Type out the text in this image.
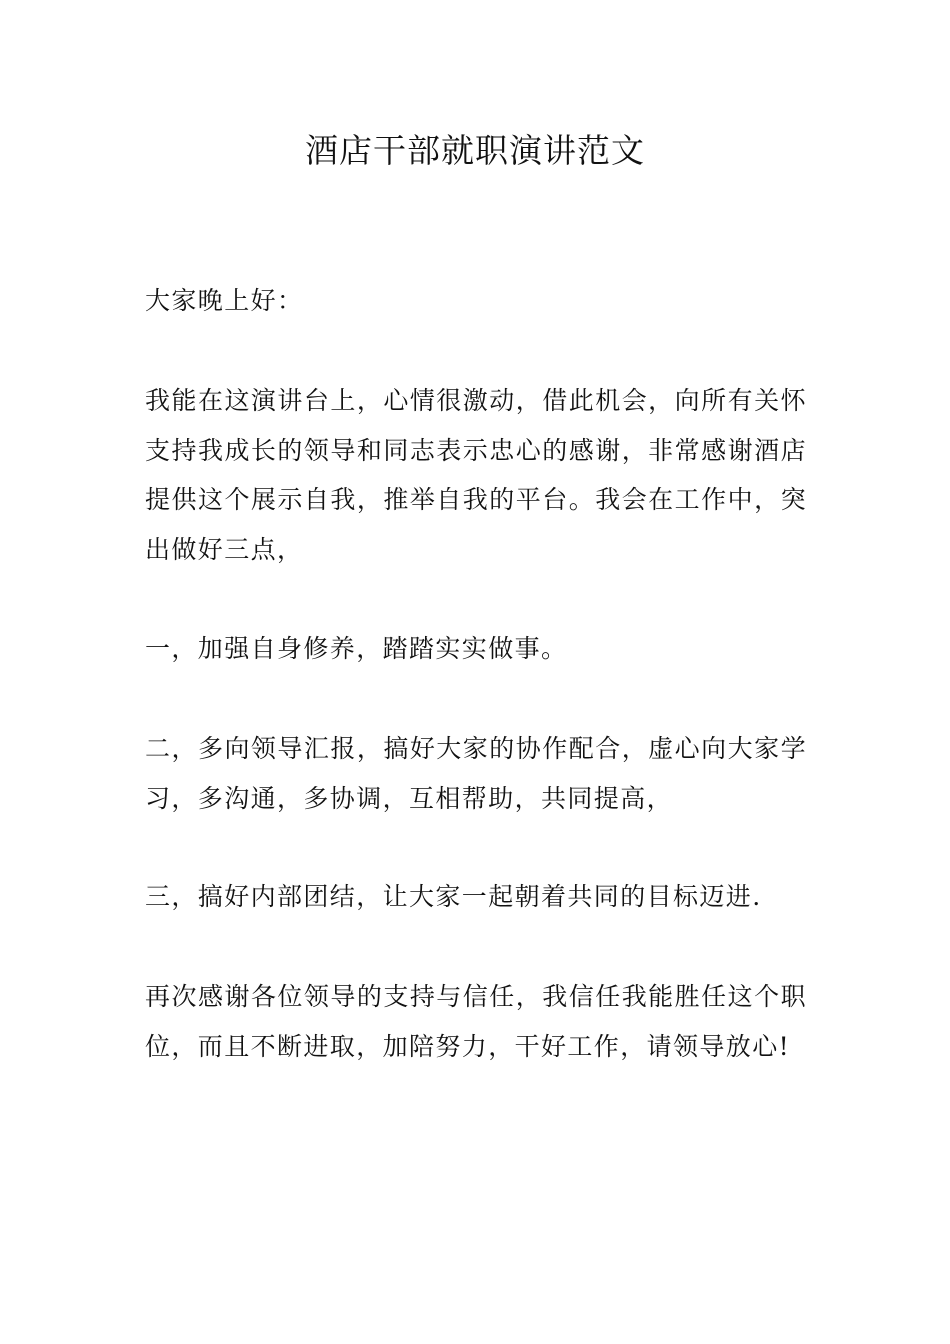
酒店干部就职演讲范文

大家晚上好：

我能在这演讲台上，心情很激动，借此机会，向所有关怀支持我成长的领导和同志表示忠心的感谢，非常感谢酒店提供这个展示自我，推举自我的平台。我会在工作中，突出做好三点，

一，加强自身修养，踏踏实实做事。

二，多向领导汇报，搞好大家的协作配合，虚心向大家学习，多沟通，多协调，互相帮助，共同提高，

三，搞好内部团结，让大家一起朝着共同的目标迈进.

再次感谢各位领导的支持与信任，我信任我能胜任这个职位，而且不断进取，加陪努力，干好工作，请领导放心!
